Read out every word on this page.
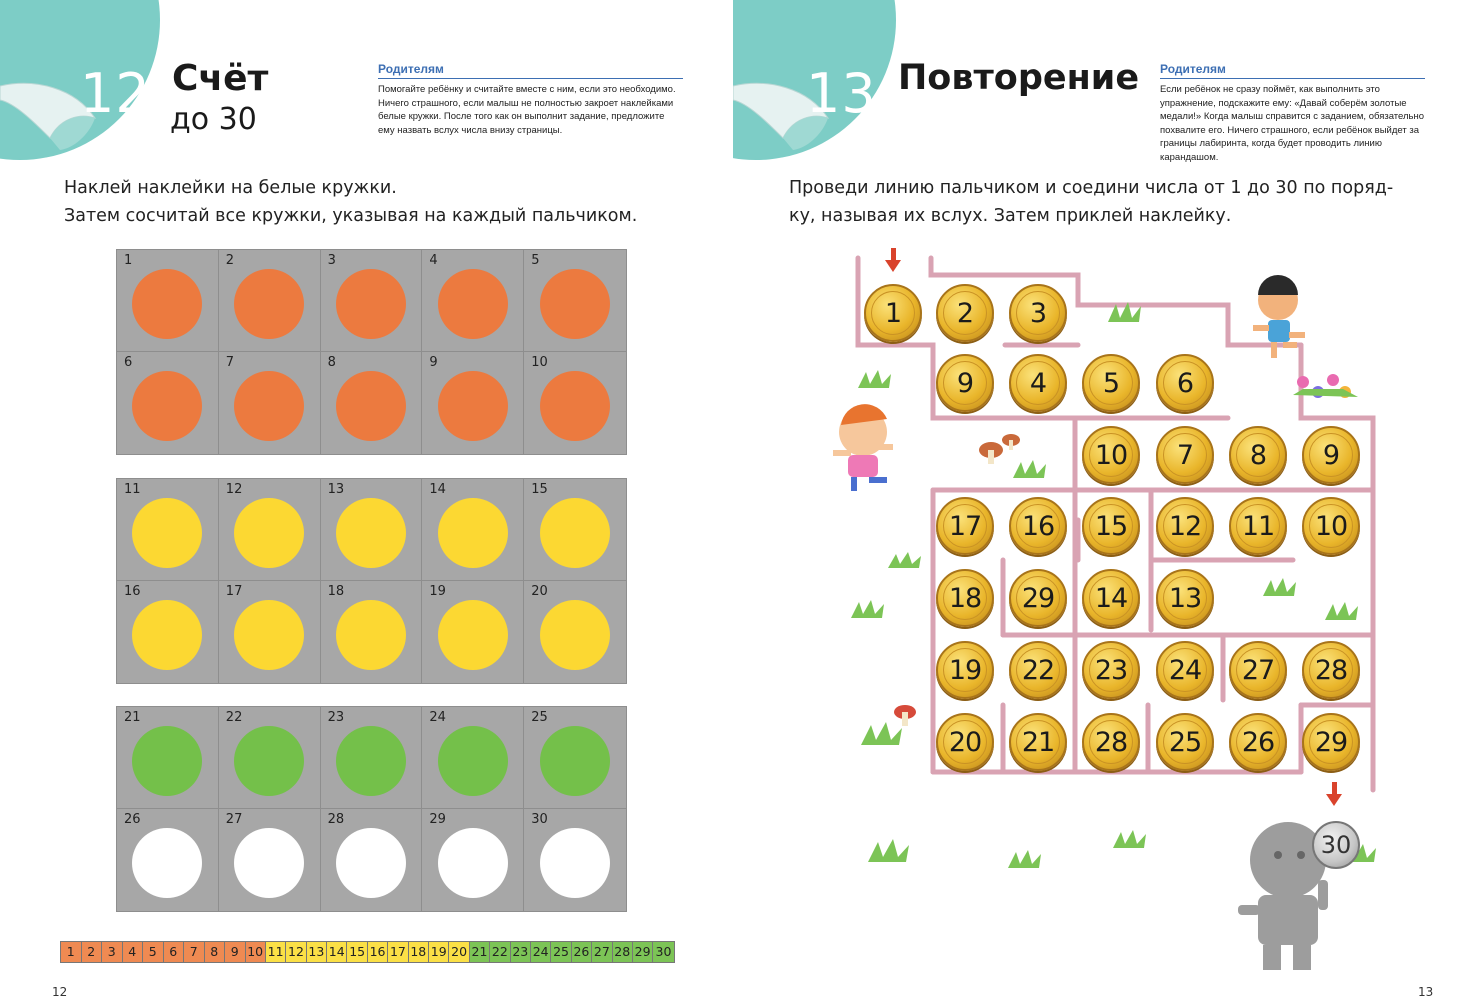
12 Счёт
до 30
Родителям
Помогайте ребёнку и считайте вместе с ним, если это необходимо. Ничего страшного, если малыш не полностью закроет наклейками белые кружки. После того как он выполнит задание, предложите ему назвать вслух числа внизу страницы.
Наклей наклейки на белые кружки.
Затем сосчитай все кружки, указывая на каждый пальчиком.
1	2	3	4	5
6	7	8	9	10
11	12	13	14	15
16	17	18	19	20
21	22	23	24	25
26	27	28	29	30
1	2	3	4	5	6	7	8	9 10 11 12 13 14 15 16 17 18 19 20 21 22 23 24 25 26 27 28 29 30
12
13 Повторение Родителям
Если ребёнок не сразу поймёт, как выполнить это упражнение, подскажите ему: «Давай соберём золотые медали!» Когда малыш справится с заданием, обязательно похвалите его. Ничего страшного, если ребёнок выйдет за границы лабиринта, когда будет проводить линию карандашом.
Проведи линию пальчиком и соедини числа от 1 до 30 по поряд-
ку, называя их вслух. Затем приклей наклейку.
1	2	3
9	4	5	6
10	7	8	9
17 16 15 12 11 10
18 29 14 13
19 22 23 24 27 28
20 21 28 25 26 29
30
13
